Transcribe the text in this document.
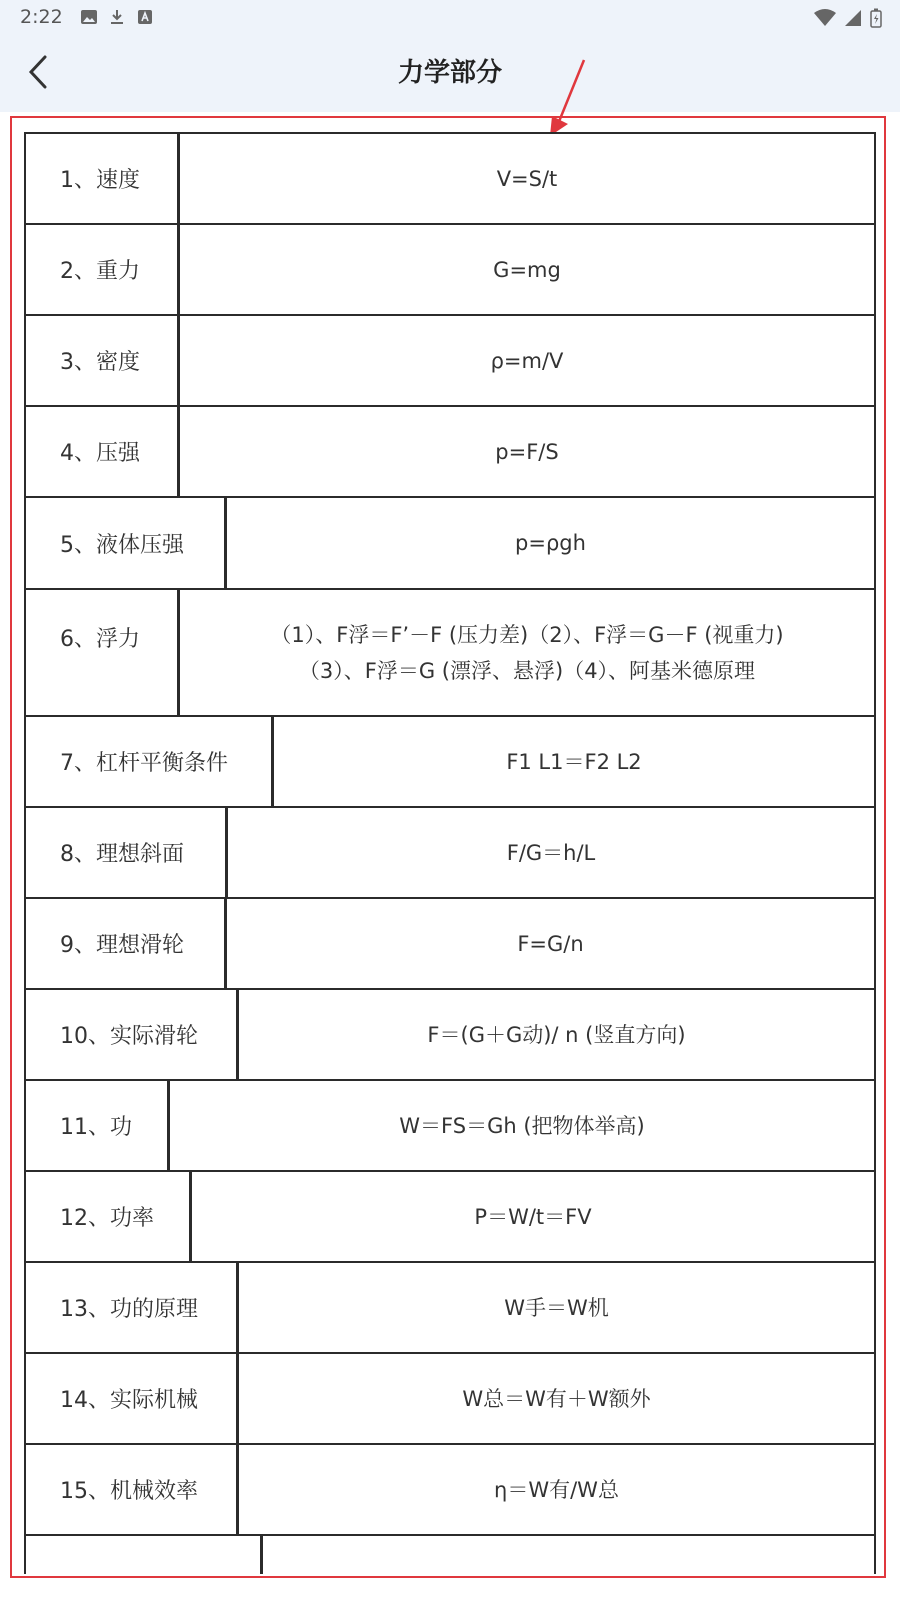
2:22
力学部分
1、速度	V=S/t
2、重力	G=mg
3、密度	ρ=m/V
4、压强	p=F/S
5、液体压强	p=ρgh
6、浮力	（1）、F浮＝F’－F (压力差)（2）、F浮＝G－F (视重力)
（3）、F浮＝G (漂浮、悬浮)（4）、阿基米德原理
7、杠杆平衡条件	F1 L1＝F2 L2
8、理想斜面	F/G＝h/L
9、理想滑轮	F=G/n
10、实际滑轮	F＝(G＋G动)/ n (竖直方向)
11、功	W＝FS＝Gh (把物体举高)
12、功率	P＝W/t＝FV
13、功的原理	W手＝W机
14、实际机械	W总＝W有＋W额外
15、机械效率	η＝W有/W总
